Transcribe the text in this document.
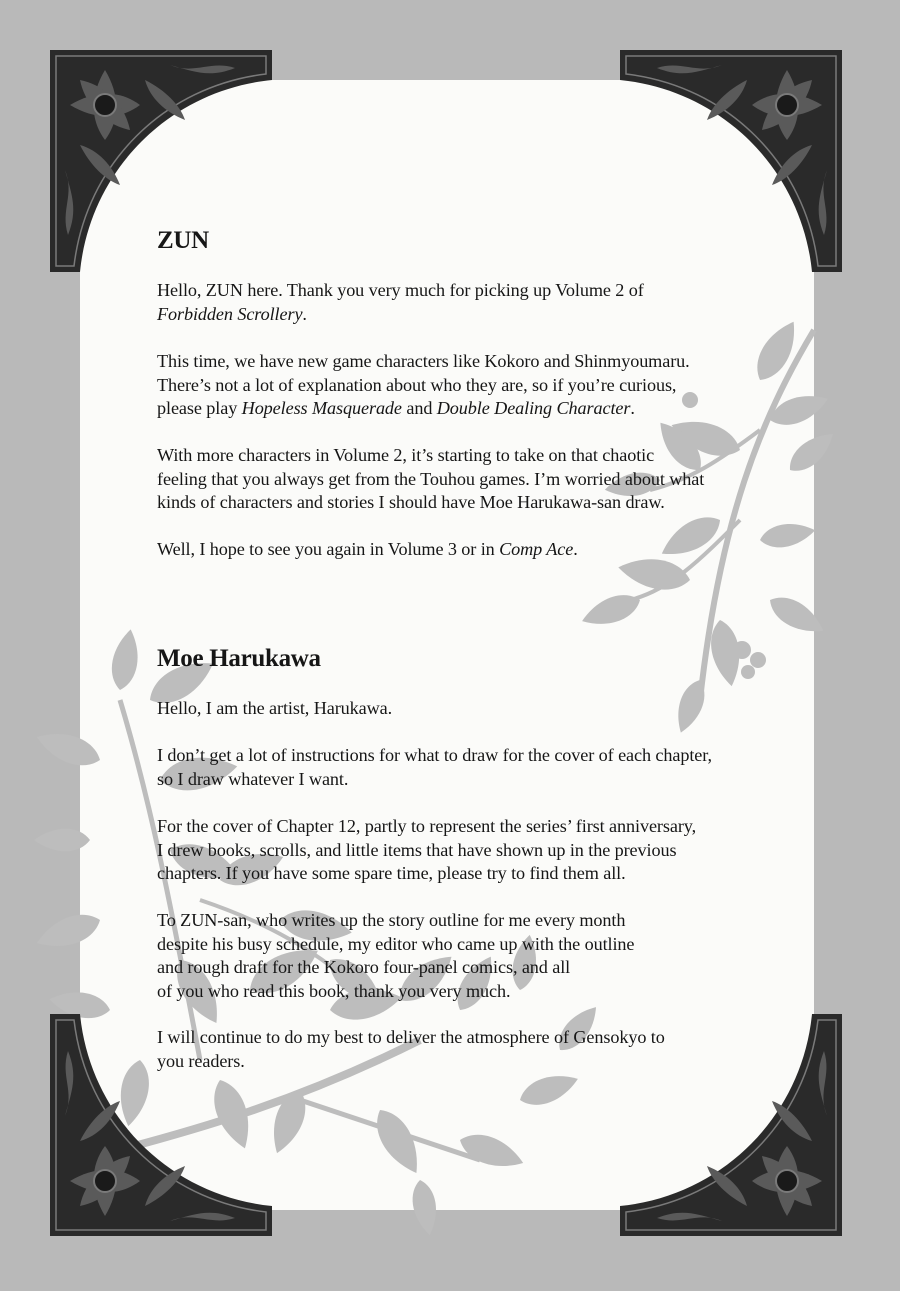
ZUN

Hello, ZUN here. Thank you very much for picking up Volume 2 of
Forbidden Scrollery.

This time, we have new game characters like Kokoro and Shinmyoumaru.
There’s not a lot of explanation about who they are, so if you’re curious,
please play Hopeless Masquerade and Double Dealing Character.

With more characters in Volume 2, it’s starting to take on that chaotic
feeling that you always get from the Touhou games. I’m worried about what
kinds of characters and stories I should have Moe Harukawa-san draw.

Well, I hope to see you again in Volume 3 or in Comp Ace.

Moe Harukawa

Hello, I am the artist, Harukawa.

I don’t get a lot of instructions for what to draw for the cover of each chapter,
so I draw whatever I want.

For the cover of Chapter 12, partly to represent the series’ first anniversary,
I drew books, scrolls, and little items that have shown up in the previous
chapters. If you have some spare time, please try to find them all.

To ZUN-san, who writes up the story outline for me every month
despite his busy schedule, my editor who came up with the outline
and rough draft for the Kokoro four-panel comics, and all
of you who read this book, thank you very much.

I will continue to do my best to deliver the atmosphere of Gensokyo to
you readers.
